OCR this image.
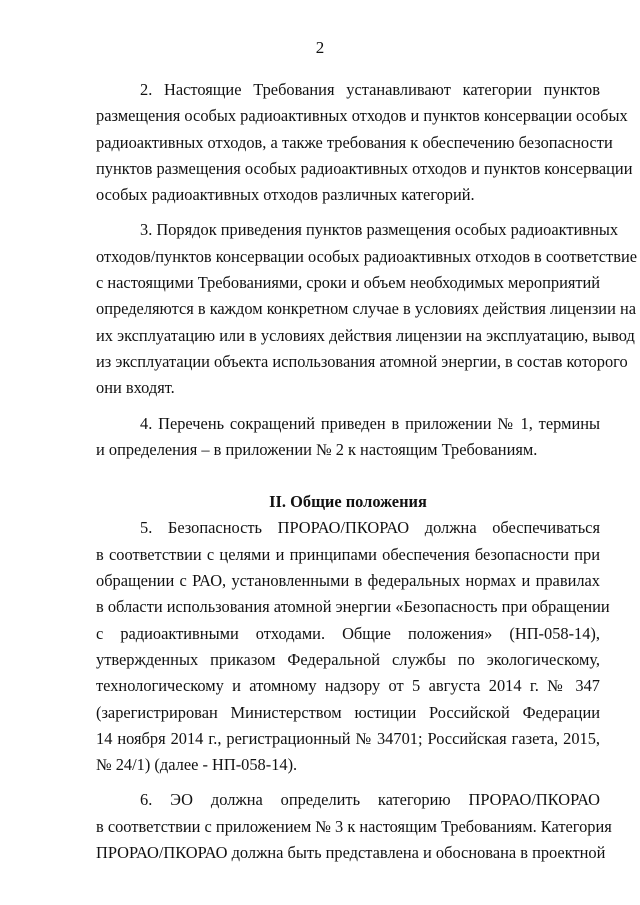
2

2. Настоящие Требования устанавливают категории пунктов
размещения особых радиоактивных отходов и пунктов консервации особых
радиоактивных отходов, а также требования к обеспечению безопасности
пунктов размещения особых радиоактивных отходов и пунктов консервации
особых радиоактивных отходов различных категорий.

3. Порядок приведения пунктов размещения особых радиоактивных
отходов/пунктов консервации особых радиоактивных отходов в соответствие
с настоящими Требованиями, сроки и объем необходимых мероприятий
определяются в каждом конкретном случае в условиях действия лицензии на
их эксплуатацию или в условиях действия лицензии на эксплуатацию, вывод
из эксплуатации объекта использования атомной энергии, в состав которого
они входят.

4. Перечень сокращений приведен в приложении № 1, термины
и определения – в приложении № 2 к настоящим Требованиям.

II. Общие положения

5. Безопасность ПРОРАО/ПКОРАО должна обеспечиваться
в соответствии с целями и принципами обеспечения безопасности при
обращении с РАО, установленными в федеральных нормах и правилах
в области использования атомной энергии «Безопасность при обращении
с радиоактивными отходами. Общие положения» (НП-058-14),
утвержденных приказом Федеральной службы по экологическому,
технологическому и атомному надзору от 5 августа 2014 г. № 347
(зарегистрирован Министерством юстиции Российской Федерации
14 ноября 2014 г., регистрационный № 34701; Российская газета, 2015,
№ 24/1) (далее - НП-058-14).

6. ЭО должна определить категорию ПРОРАО/ПКОРАО
в соответствии с приложением № 3 к настоящим Требованиям. Категория
ПРОРАО/ПКОРАО должна быть представлена и обоснована в проектной
